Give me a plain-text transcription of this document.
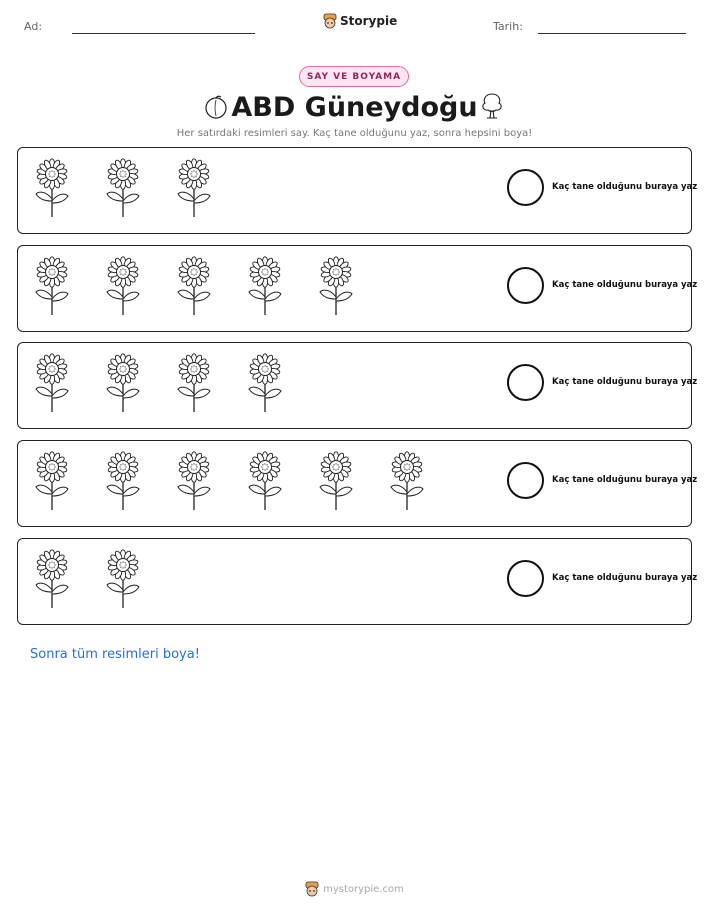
Ad:	Storypie	Tarih:
SAY VE BOYAMA
ABD Güneydoğu
Her satırdaki resimleri say. Kaç tane olduğunu yaz, sonra hepsini boya!
Kaç tane olduğunu buraya yaz
Kaç tane olduğunu buraya yaz
Kaç tane olduğunu buraya yaz
Kaç tane olduğunu buraya yaz
Kaç tane olduğunu buraya yaz
Sonra tüm resimleri boya!
mystorypie.com
